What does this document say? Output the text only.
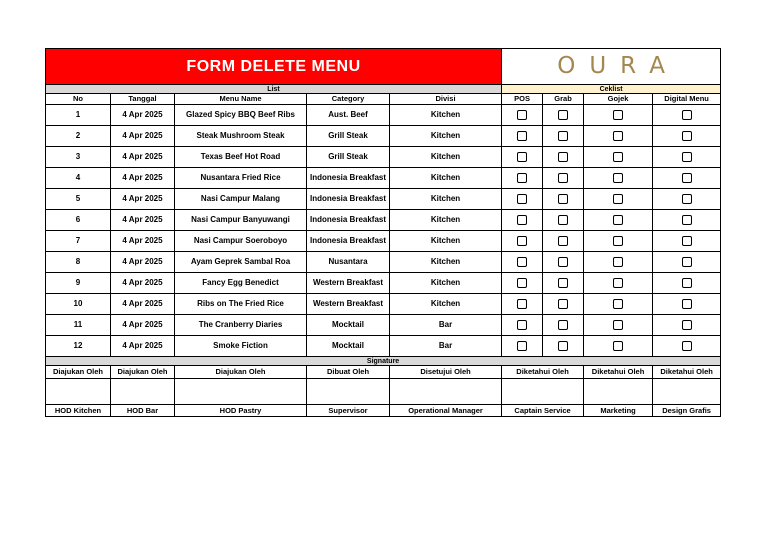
FORM DELETE MENU					OURA			
List					Ceklist			
No	Tanggal	Menu Name	Category	Divisi	POS	Grab	Gojek	Digital Menu
1	4 Apr 2025	Glazed Spicy BBQ Beef Ribs	Aust. Beef	Kitchen				
2	4 Apr 2025	Steak Mushroom Steak	Grill Steak	Kitchen				
3	4 Apr 2025	Texas Beef Hot Road	Grill Steak	Kitchen				
4	4 Apr 2025	Nusantara Fried Rice	Indonesia Breakfast	Kitchen				
5	4 Apr 2025	Nasi Campur Malang	Indonesia Breakfast	Kitchen				
6	4 Apr 2025	Nasi Campur Banyuwangi	Indonesia Breakfast	Kitchen				
7	4 Apr 2025	Nasi Campur Soeroboyo	Indonesia Breakfast	Kitchen				
8	4 Apr 2025	Ayam Geprek Sambal Roa	Nusantara	Kitchen				
9	4 Apr 2025	Fancy Egg Benedict	Western Breakfast	Kitchen				
10	4 Apr 2025	Ribs on The Fried Rice	Western Breakfast	Kitchen				
11	4 Apr 2025	The Cranberry Diaries	Mocktail	Bar				
12	4 Apr 2025	Smoke Fiction	Mocktail	Bar				
Signature								
Diajukan Oleh	Diajukan Oleh	Diajukan Oleh	Dibuat Oleh	Disetujui Oleh	Diketahui Oleh		Diketahui Oleh	Diketahui Oleh

HOD Kitchen	HOD Bar	HOD Pastry	Supervisor	Operational Manager	Captain Service		Marketing	Design Grafis
